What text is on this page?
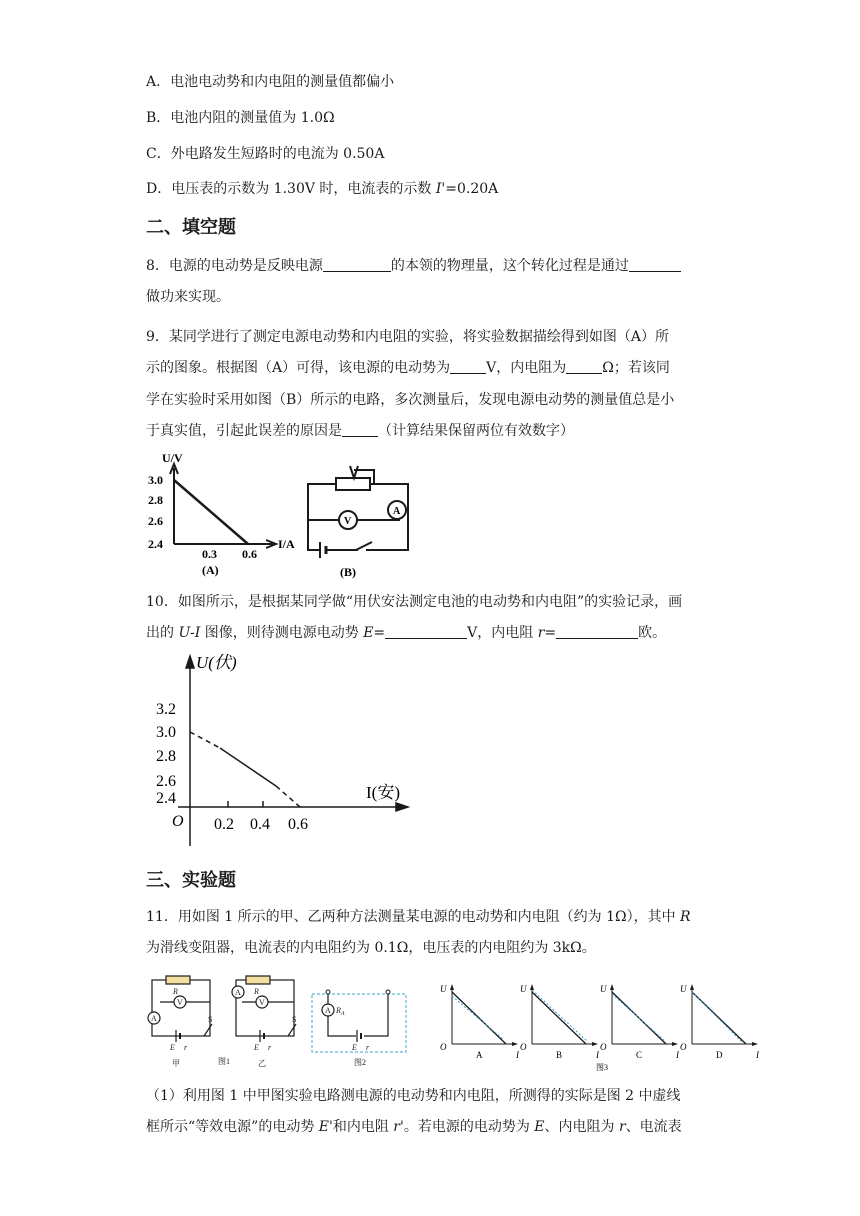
A．电池电动势和内电阻的测量值都偏小
B．电池内阻的测量值为 1.0Ω
C．外电路发生短路时的电流为 0.50A
D．电压表的示数为 1.30V 时，电流表的示数 I'=0.20A
二、填空题
8．电源的电动势是反映电源	的本领的物理量，这个转化过程是通过
做功来实现。
9．某同学进行了测定电源电动势和内电阻的实验，将实验数据描绘得到如图（A）所
示的图象。根据图（A）可得，该电源的电动势为	V，内电阻为	Ω；若该同
学在实验时采用如图（B）所示的电路，多次测量后，发现电源电动势的测量值总是小
于真实值，引起此误差的原因是	（计算结果保留两位有效数字）
U/V
3.0
2.8
2.6
2.4
0.3 0.6
I/A
(A)
V
A
(B)
10．如图所示，是根据某同学做“用伏安法测定电池的电动势和内电阻”的实验记录，画
出的 U-I 图像，则待测电源电动势 E=	V，内电阻 r=	欧。
U(伏)
3.2
3.0
2.8
2.6
2.4
O 0.2 0.4 0.6
I(安)
三、实验题
11．用如图 1 所示的甲、乙两种方法测量某电源的电动势和内电阻（约为 1Ω），其中 R
为滑线变阻器，电流表的内电阻约为 0.1Ω，电压表的内电阻约为 3kΩ。
A
V
R
S
E r
甲	图1
A
V
R
S
E r
乙
A $R_A$
E r
图2
U
I
O
A
U
I
O
B
U
I
O
C
U
I
O
D
图3
（1）利用图 1 中甲图实验电路测电源的电动势和内电阻，所测得的实际是图 2 中虚线
框所示“等效电源”的电动势 E'和内电阻 r'。若电源的电动势为 E、内电阻为 r、电流表
